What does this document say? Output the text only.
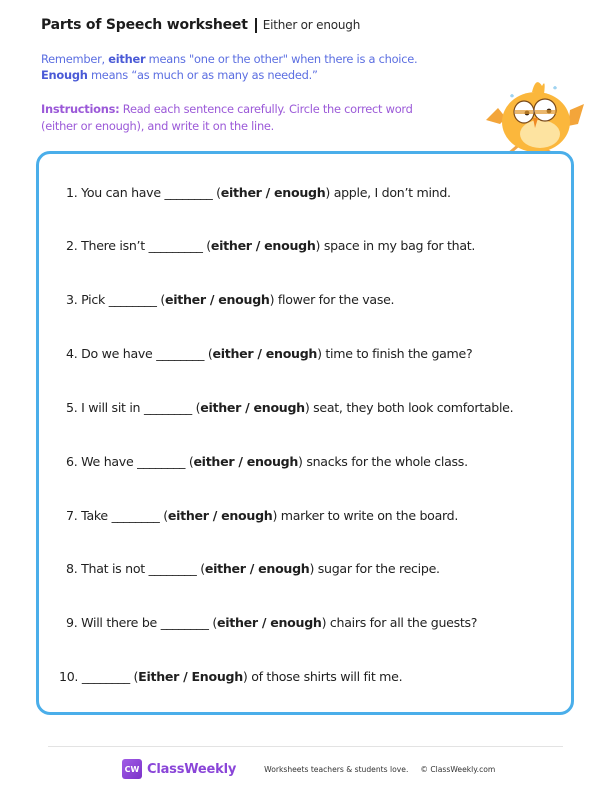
Parts of Speech worksheet Either or enough
Remember, either means "one or the other" when there is a choice.
Enough means “as much or as many as needed.”
Instructions: Read each sentence carefully. Circle the correct word (either or enough), and write it on the line.
1. You can have ________ (either / enough) apple, I don’t mind.
2. There isn’t _________ (either / enough) space in my bag for that.
3. Pick ________ (either / enough) flower for the vase.
4. Do we have ________ (either / enough) time to finish the game?
5. I will sit in ________ (either / enough) seat, they both look comfortable.
6. We have ________ (either / enough) snacks for the whole class.
7. Take ________ (either / enough) marker to write on the board.
8. That is not ________ (either / enough) sugar for the recipe.
9. Will there be ________ (either / enough) chairs for all the guests?
10. ________ (Either / Enough) of those shirts will fit me.
CW ClassWeekly	Worksheets teachers & students love. © ClassWeekly.com
